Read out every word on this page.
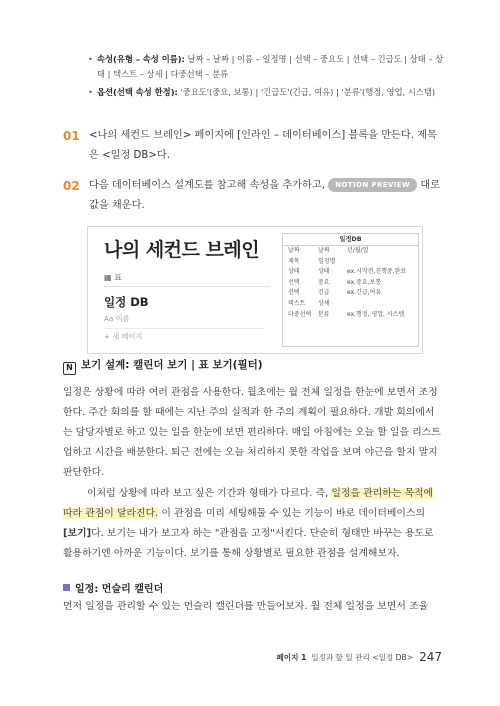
• 속성(유형 – 속성 이름): 날짜 – 날짜 | 이름 – 일정명 | 선택 – 중요도 | 선택 – 긴급도 | 상태 – 상태 | 텍스트 – 상세 | 다중선택 – 분류
• 옵션(선택 속성 한정): '중요도'(중요, 보통) | '긴급도'(긴급, 여유) | '분류'(행정, 영업, 시스템)
01 <나의 세컨드 브레인> 페이지에 [인라인 – 데이터베이스] 블록을 만든다. 제목은 <일정 DB>다.
02 다음 데이터베이스 설계도를 참고해 속성을 추가하고, NOTION PREVIEW 대로 값을 채운다.
나의 세컨드 브레인
▦ 표
일정 DB
Aa 이름
+ 새 페이지
일정DB
날짜	날짜	년/월/일
제목	일정명
상태	상태	ex.시작전,진행중,완료
선택	중요	ex.중요,보통
선택	긴급	ex.긴급,여유
텍스트 상세
다중선택 분류	ex.행정, 영업, 시스템
N 보기 설계: 캘린더 보기 | 표 보기(필터)
일정은 상황에 따라 여러 관점을 사용한다. 월초에는 월 전체 일정을 한눈에 보면서 조정한다. 주간 회의를 할 때에는 지난 주의 실적과 한 주의 계획이 필요하다. 개발 회의에서는 담당자별로 하고 있는 일을 한눈에 보면 편리하다. 매일 아침에는 오늘 할 일을 리스트업하고 시간을 배분한다. 퇴근 전에는 오늘 처리하지 못한 작업을 보며 야근을 할지 말지 판단한다.
이처럼 상황에 따라 보고 싶은 기간과 형태가 다르다. 즉, 일정을 관리하는 목적에 따라 관점이 달라진다. 이 관점을 미리 세팅해둘 수 있는 기능이 바로 데이터베이스의 [보기]다. 보기는 내가 보고자 하는 "관점을 고정"시킨다. 단순히 형태만 바꾸는 용도로 활용하기엔 아까운 기능이다. 보기를 통해 상황별로 필요한 관점을 설계해보자.
일정: 먼슬리 캘린더
먼저 일정을 관리할 수 있는 먼슬리 캘린더를 만들어보자. 월 전체 일정을 보면서 조율
페이지 1 일정과 할 일 관리 <일정 DB> 247
